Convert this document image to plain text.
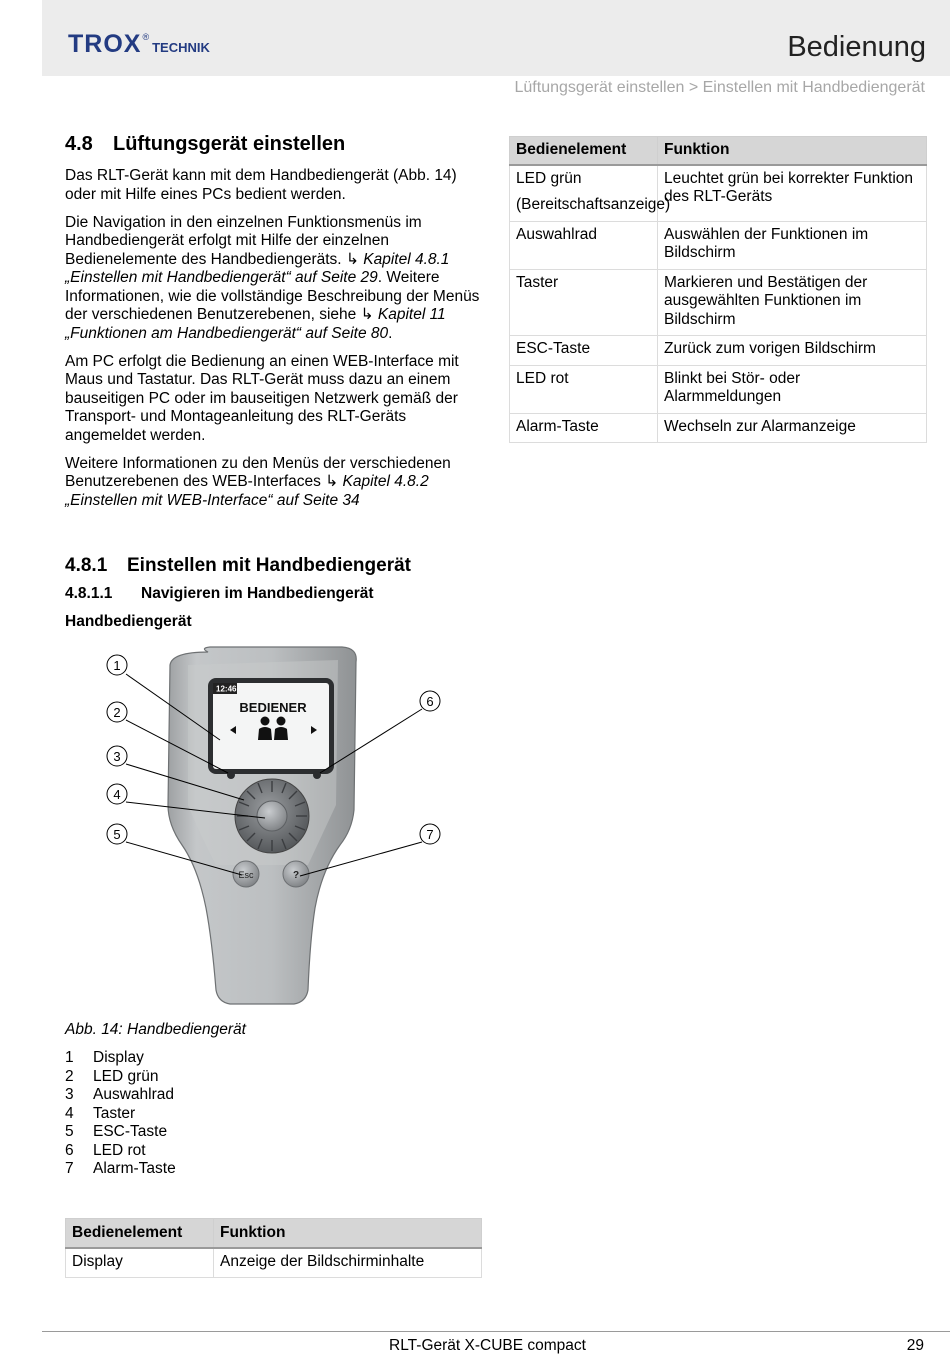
TROX ®
TECHNIK	Bedienung
Lüftungsgerät einstellen > Einstellen mit Handbediengerät
4.8 Lüftungsgerät einstellen

Das RLT-Gerät kann mit dem Handbediengerät (Abb. 14) oder mit Hilfe eines PCs bedient werden.

Die Navigation in den einzelnen Funktionsmenüs im Handbediengerät erfolgt mit Hilfe der einzelnen Bedienelemente des Handbediengeräts. ↳ Kapitel 4.8.1 „Einstellen mit Handbediengerät“ auf Seite 29. Weitere Informationen, wie die vollständige Beschreibung der Menüs der verschiedenen Benutzerebenen, siehe ↳ Kapitel 11 „Funktionen am Handbediengerät“ auf Seite 80.

Am PC erfolgt die Bedienung an einen WEB-Interface mit Maus und Tastatur. Das RLT-Gerät muss dazu an einem bauseitigen PC oder im bauseitigen Netzwerk gemäß der Transport- und Montageanleitung des RLT-Geräts angemeldet werden.

Weitere Informationen zu den Menüs der verschiedenen Benutzerebenen des WEB-Interfaces ↳ Kapitel 4.8.2 „Einstellen mit WEB-Interface“ auf Seite 34

Bedienelement	Funktion

LED grün
(Bereitschaftsanzeige)	Leuchtet grün bei korrekter Funktion des RLT-Geräts
Auswahlrad	Auswählen der Funktionen im Bildschirm
Taster	Markieren und Bestätigen der ausgewählten Funktionen im Bildschirm
ESC-Taste	Zurück zum vorigen Bildschirm
LED rot	Blinkt bei Stör- oder Alarmmeldungen
Alarm-Taste	Wechseln zur Alarmanzeige
4.8.1 Einstellen mit Handbediengerät
4.8.1.1 Navigieren im Handbediengerät
Handbediengerät
12:46
BEDIENER
Esc	?
1
2
3
4
5
6
7
Abb. 14: Handbediengerät
1	Display
2	LED grün
3	Auswahlrad
4	Taster
5	ESC-Taste
6	LED rot
7	Alarm-Taste
Bedienelement	Funktion
Display	Anzeige der Bildschirminhalte
RLT-Gerät X-CUBE compact	29
